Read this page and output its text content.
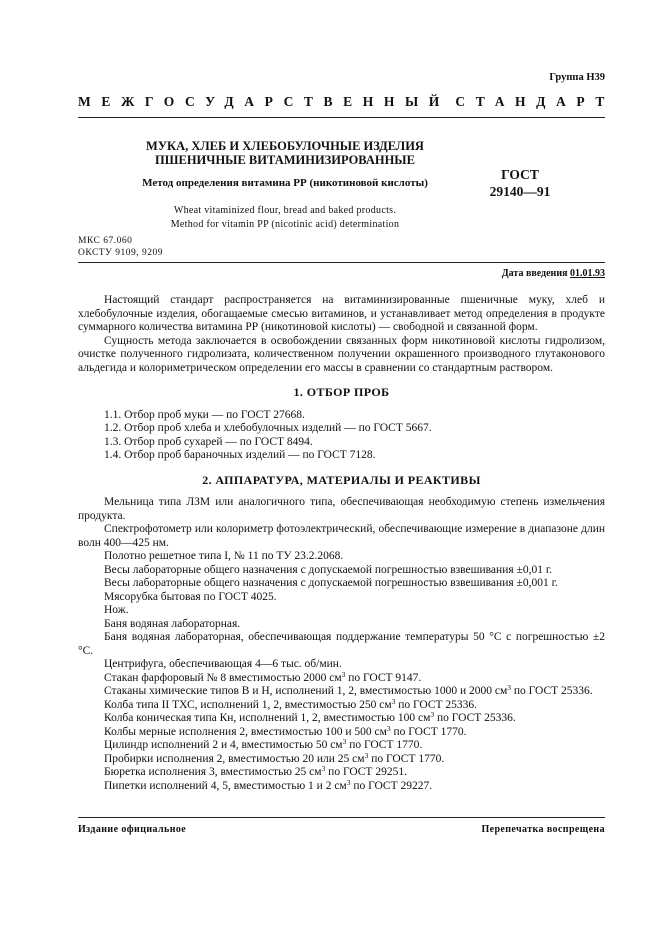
Группа Н39
МЕЖГОСУДАРСТВЕННЫЙ СТАНДАРТ
МУКА, ХЛЕБ И ХЛЕБОБУЛОЧНЫЕ ИЗДЕЛИЯ
ПШЕНИЧНЫЕ ВИТАМИНИЗИРОВАННЫЕ
Метод определения витамина РР (никотиновой кислоты)
ГОСТ
29140—91
Wheat vitaminized flour, bread and baked products.
Method for vitamin PP (nicotinic acid) determination
МКС 67.060
ОКСТУ 9109, 9209
Дата введения 01.01.93

Настоящий стандарт распространяется на витаминизированные пшеничные муку, хлеб и хлебобулочные изделия, обогащаемые смесью витаминов, и устанавливает метод определения в продукте суммарного количества витамина РР (никотиновой кислоты) — свободной и связанной форм.

Сущность метода заключается в освобождении связанных форм никотиновой кислоты гидролизом, очистке полученного гидролизата, количественном получении окрашенного производного глутаконового альдегида и колориметрическом определении его массы в сравнении со стандартным раствором.

1. ОТБОР ПРОБ

1.1. Отбор проб муки — по ГОСТ 27668.

1.2. Отбор проб хлеба и хлебобулочных изделий — по ГОСТ 5667.

1.3. Отбор проб сухарей — по ГОСТ 8494.

1.4. Отбор проб бараночных изделий — по ГОСТ 7128.

2. АППАРАТУРА, МАТЕРИАЛЫ И РЕАКТИВЫ

Мельница типа ЛЗМ или аналогичного типа, обеспечивающая необходимую степень измельчения продукта.

Спектрофотометр или колориметр фотоэлектрический, обеспечивающие измерение в диапазоне длин волн 400—425 нм.

Полотно решетное типа I, № 11 по ТУ 23.2.2068.

Весы лабораторные общего назначения с допускаемой погрешностью взвешивания ±0,01 г.

Весы лабораторные общего назначения с допускаемой погрешностью взвешивания ±0,001 г.

Мясорубка бытовая по ГОСТ 4025.

Нож.

Баня водяная лабораторная.

Баня водяная лабораторная, обеспечивающая поддержание температуры 50 °С с погрешностью ±2 °С.

Центрифуга, обеспечивающая 4—6 тыс. об/мин.

Стакан фарфоровый № 8 вместимостью 2000 $см^3$ по ГОСТ 9147.

Стаканы химические типов В и Н, исполнений 1, 2, вместимостью 1000 и 2000 $см^3$ по ГОСТ 25336.

Колба типа II ТХС, исполнений 1, 2, вместимостью 250 $см^3$ по ГОСТ 25336.

Колба коническая типа Кн, исполнений 1, 2, вместимостью 100 $см^3$ по ГОСТ 25336.

Колбы мерные исполнения 2, вместимостью 100 и 500 $см^3$ по ГОСТ 1770.

Цилиндр исполнений 2 и 4, вместимостью 50 $см^3$ по ГОСТ 1770.

Пробирки исполнения 2, вместимостью 20 или 25 $см^3$ по ГОСТ 1770.

Бюретка исполнения 3, вместимостью 25 $см^3$ по ГОСТ 29251.

Пипетки исполнений 4, 5, вместимостью 1 и 2 $см^3$ по ГОСТ 29227.

Издание официальное	Перепечатка воспрещена
